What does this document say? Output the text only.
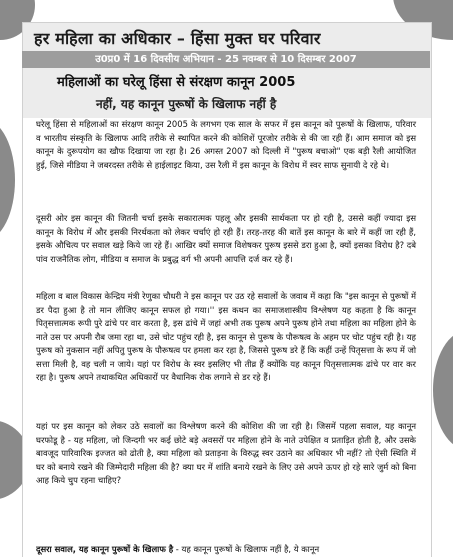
हर महिला का अधिकार – हिंसा मुक्त घर परिवार
उ0प्र0 में 16 दिवसीय अभियान - 25 नवम्बर से 10 दिसम्बर 2007
महिलाओं का घरेलू हिंसा से संरक्षण कानून 2005
नहीं, यह कानून पुरूषों के खिलाफ नहीं है
घरेलू हिंसा से महिलाओं का संरक्षण कानून 2005 के लगभग एक साल के सफर में इस कानून को पुरूषों के खिलाफ, परिवार व भारतीय संस्कृति के खिलाफ आदि तरीके से स्थापित करने की कोशिशें पूरजोर तरीके से की जा रही हैं। आम समाज को इस कानून के दुरूपयोग का खौफ दिखाया जा रहा है। 26 अगस्त 2007 को दिल्ली में "पुरूष बचाओ" एक बड़ी रैली आयोजित हुई, जिसे मीडिया ने जबरदस्त तरीके से हाईलाइट किया, उस रैली में इस कानून के विरोध में स्वर साफ सुनायी दे रहे थे।
दूसरी ओर इस कानून की जितनी चर्चा इसके सकारात्मक पहलू और इसकी सार्थकता पर हो रही है, उससे कहीं ज्यादा इस कानून के विरोध में और इसकी निरर्थकता को लेकर चर्चाएं हो रही हैं। तरह-तरह की बातें इस कानून के बारे में कहीं जा रही हैं, इसके औचित्य पर सवाल खड़े किये जा रहे हैं। आखिर क्यों समाज विशेषकर पुरूष इससे डरा हुआ है, क्यों इसका विरोध है? दबे पांव राजनैतिक लोग, मीडिया व समाज के प्रबुद्ध वर्ग भी अपनी आपत्ति दर्ज कर रहे हैं।
महिला व बाल विकास केन्द्रिय मंत्री रेणुका चौधरी ने इस कानून पर उठ रहे सवालों के जवाब में कहा कि "इस कानून से पुरूषों में डर पैदा हुआ है तो मान लीजिए कानून सफल हो गया।'' इस कथन का समाजशास्त्रीय विश्लेषण यह कहता है कि कानून पितृसत्तात्मक रूपी पुरे ढांचे पर वार करता है, इस ढांचे में जहां अभी तक पुरूष अपने पुरूष होने तथा महिला का महिला होने के नाते उस पर अपनी रौब जमा रहा था, उसे चोट पहुंच रही है, इस कानून से पुरूष के पौरूषत्व के अहम पर चोट पहुंच रही है। यह पुरूष को नुकसान नहीं अपितु पुरूष के पौरूषत्व पर हमला कर रहा है, जिससे पुरूष डरे हैं कि कहीं उन्हें पितृसत्ता के रूप में जो सत्ता मिली है, वह चली न जाये। यहां पर विरोध के स्वर इसलिए भी तीव्र हैं क्योंकि यह कानून पितृसत्तात्मक ढांचे पर वार कर रहा है। पुरूष अपने तथाकथित अधिकारों पर वैधानिक रोक लगाने से डर रहे हैं।
यहां पर इस कानून को लेकर उठे सवालों का विश्लेषण करने की कोशिश की जा रही है। जिसमें पहला सवाल, यह कानून घरफोडू है - यह महिला, जो जिन्दगी भर कई छोटे बड़े अवसरों पर महिला होने के नाते उपेक्षित व प्रताड़ित होती है, और उसके बावजूद पारिवारिक इज्जत को ढोती है, क्या महिला को प्रताड़ना के विरुद्ध स्वर उठाने का अधिकार भी नहीं? तो ऐसी स्थिति में घर को बनाये रखने की जिम्मेदारी महिला की है? क्या घर में शांति बनाये रखने के लिए उसे अपने ऊपर हो रहे सारे जुर्म को बिना आह किये चुप रहना चाहिए?
दूसरा सवाल, यह कानून पुरूषों के खिलाफ है - यह कानून पुरूषों के खिलाफ नहीं है, ये कानून
